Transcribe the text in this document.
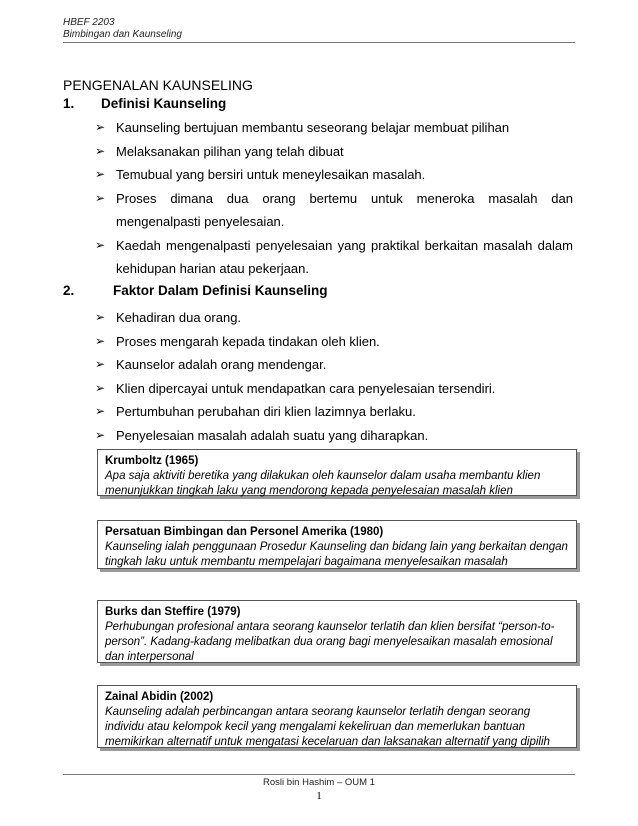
HBEF 2203
Bimbingan dan Kaunseling
PENGENALAN KAUNSELING
1. Definisi Kaunseling
➢ Kaunseling bertujuan membantu seseorang belajar membuat pilihan
➢ Melaksanakan pilihan yang telah dibuat
➢ Temubual yang bersiri untuk meneylesaikan masalah.
➢ Proses dimana dua orang bertemu untuk meneroka masalah dan mengenalpasti penyelesaian.
➢ Kaedah mengenalpasti penyelesaian yang praktikal berkaitan masalah dalam kehidupan harian atau pekerjaan.
2.	Faktor Dalam Definisi Kaunseling
➢ Kehadiran dua orang.
➢ Proses mengarah kepada tindakan oleh klien.
➢ Kaunselor adalah orang mendengar.
➢ Klien dipercayai untuk mendapatkan cara penyelesaian tersendiri.
➢ Pertumbuhan perubahan diri klien lazimnya berlaku.
➢ Penyelesaian masalah adalah suatu yang diharapkan.
Krumboltz (1965)
Apa saja aktiviti beretika yang dilakukan oleh kaunselor dalam usaha membantu klien menunjukkan tingkah laku yang mendorong kepada penyelesaian masalah klien
Persatuan Bimbingan dan Personel Amerika (1980)
Kaunseling ialah penggunaan Prosedur Kaunseling dan bidang lain yang berkaitan dengan tingkah laku untuk membantu mempelajari bagaimana menyelesaikan masalah
Burks dan Steffire (1979)
Perhubungan profesional antara seorang kaunselor terlatih dan klien bersifat “person-to-person”. Kadang-kadang melibatkan dua orang bagi menyelesaikan masalah emosional dan interpersonal
Zainal Abidin (2002)
Kaunseling adalah perbincangan antara seorang kaunselor terlatih dengan seorang individu atau kelompok kecil yang mengalami kekeliruan dan memerlukan bantuan memikirkan alternatif untuk mengatasi kecelaruan dan laksanakan alternatif yang dipilih
Rosli bin Hashim – OUM 1
1
